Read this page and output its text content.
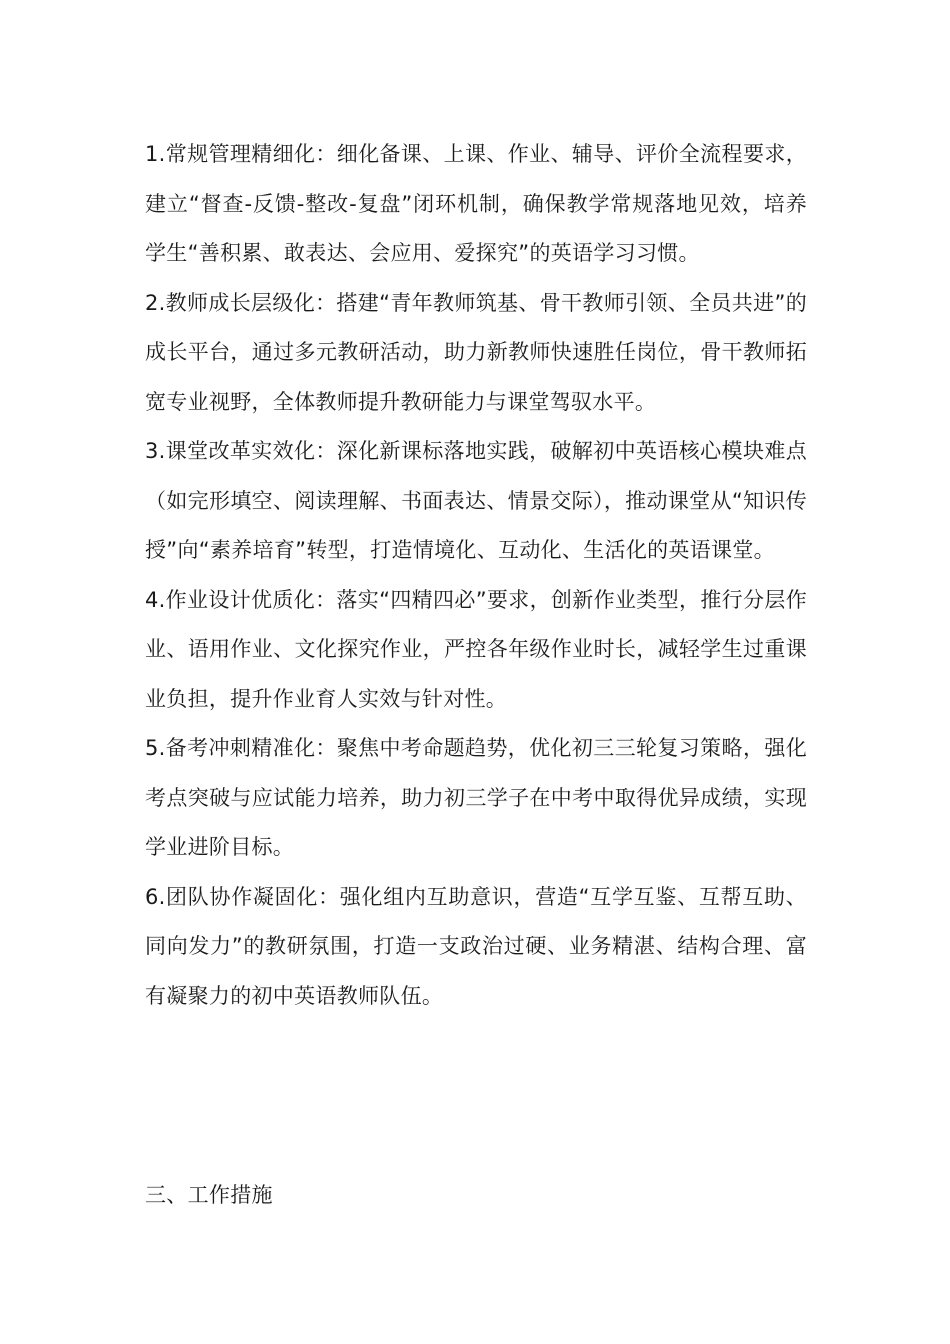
1.常规管理精细化：细化备课、上课、作业、辅导、评价全流程要求，建立“督查-反馈-整改-复盘”闭环机制，确保教学常规落地见效，培养学生“善积累、敢表达、会应用、爱探究”的英语学习习惯。

2.教师成长层级化：搭建“青年教师筑基、骨干教师引领、全员共进”的成长平台，通过多元教研活动，助力新教师快速胜任岗位，骨干教师拓宽专业视野，全体教师提升教研能力与课堂驾驭水平。

3.课堂改革实效化：深化新课标落地实践，破解初中英语核心模块难点（如完形填空、阅读理解、书面表达、情景交际），推动课堂从“知识传授”向“素养培育”转型，打造情境化、互动化、生活化的英语课堂。

4.作业设计优质化：落实“四精四必”要求，创新作业类型，推行分层作业、语用作业、文化探究作业，严控各年级作业时长，减轻学生过重课业负担，提升作业育人实效与针对性。

5.备考冲刺精准化：聚焦中考命题趋势，优化初三三轮复习策略，强化考点突破与应试能力培养，助力初三学子在中考中取得优异成绩，实现学业进阶目标。

6.团队协作凝固化：强化组内互助意识，营造“互学互鉴、互帮互助、同向发力”的教研氛围，打造一支政治过硬、业务精湛、结构合理、富有凝聚力的初中英语教师队伍。

三、工作措施
